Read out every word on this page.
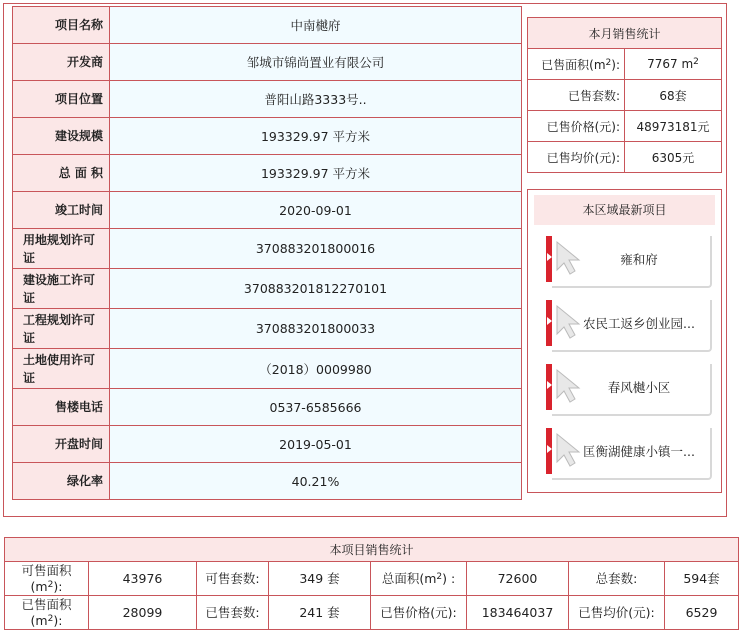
项目名称	中南樾府
开发商	邹城市锦尚置业有限公司
项目位置	普阳山路3333号..
建设规模	193329.97 平方米
总 面 积	193329.97 平方米
竣工时间	2020-09-01
用地规划许可证	370883201800016
建设施工许可证	370883201812270101
工程规划许可证	370883201800033
土地使用许可证	（2018）0009980
售楼电话	0537-6585666
开盘时间	2019-05-01
绿化率	40.21%
本月销售统计	
已售面积$(m^2)$:	7767 $m^2$
已售套数:	68套
已售价格(元):	48973181元
已售均价(元):	6305元
本区域最新项目
雍和府
农民工返乡创业园...
春风樾小区
匡衡湖健康小镇一...
本项目销售统计							
可售面积
$(m^2)$:	43976	可售套数:	349 套	总面积$(m^2)$ :	72600	总套数:	594套
已售面积
$(m^2)$:	28099	已售套数:	241 套	已售价格(元):	183464037	已售均价(元):	6529
